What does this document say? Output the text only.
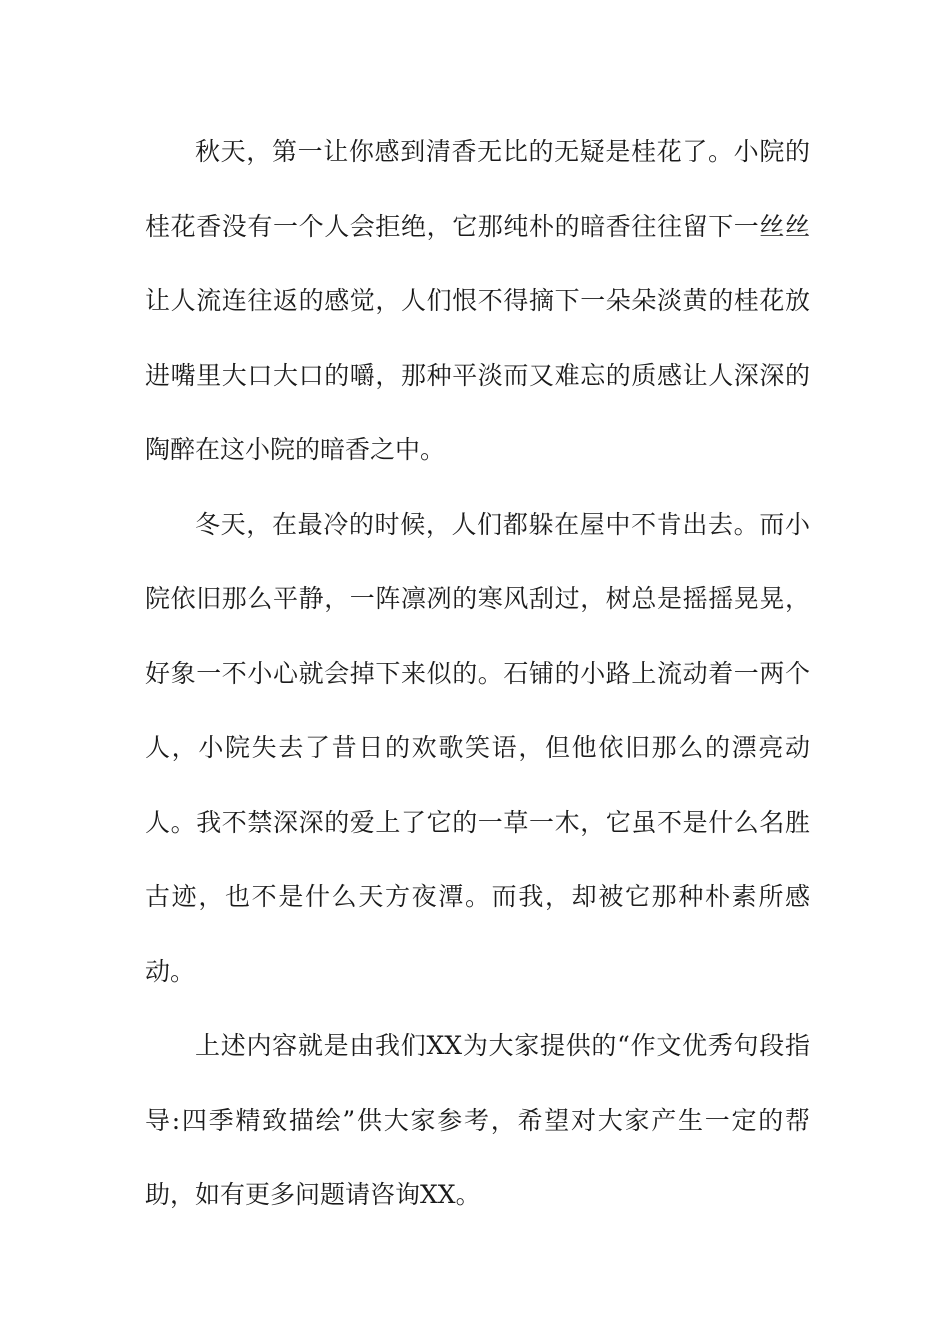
秋天，第一让你感到清香无比的无疑是桂花了。小院的桂花香没有一个人会拒绝，它那纯朴的暗香往往留下一丝丝让人流连往返的感觉，人们恨不得摘下一朵朵淡黄的桂花放进嘴里大口大口的嚼，那种平淡而又难忘的质感让人深深的陶醉在这小院的暗香之中。

冬天，在最冷的时候，人们都躲在屋中不肯出去。而小院依旧那么平静，一阵凛冽的寒风刮过，树总是摇摇晃晃，好象一不小心就会掉下来似的。石铺的小路上流动着一两个人，小院失去了昔日的欢歌笑语，但他依旧那么的漂亮动人。我不禁深深的爱上了它的一草一木，它虽不是什么名胜古迹，也不是什么天方夜潭。而我，却被它那种朴素所感动。

上述内容就是由我们XX为大家提供的“作文优秀句段指导:四季精致描绘”供大家参考，希望对大家产生一定的帮助，如有更多问题请咨询XX。
